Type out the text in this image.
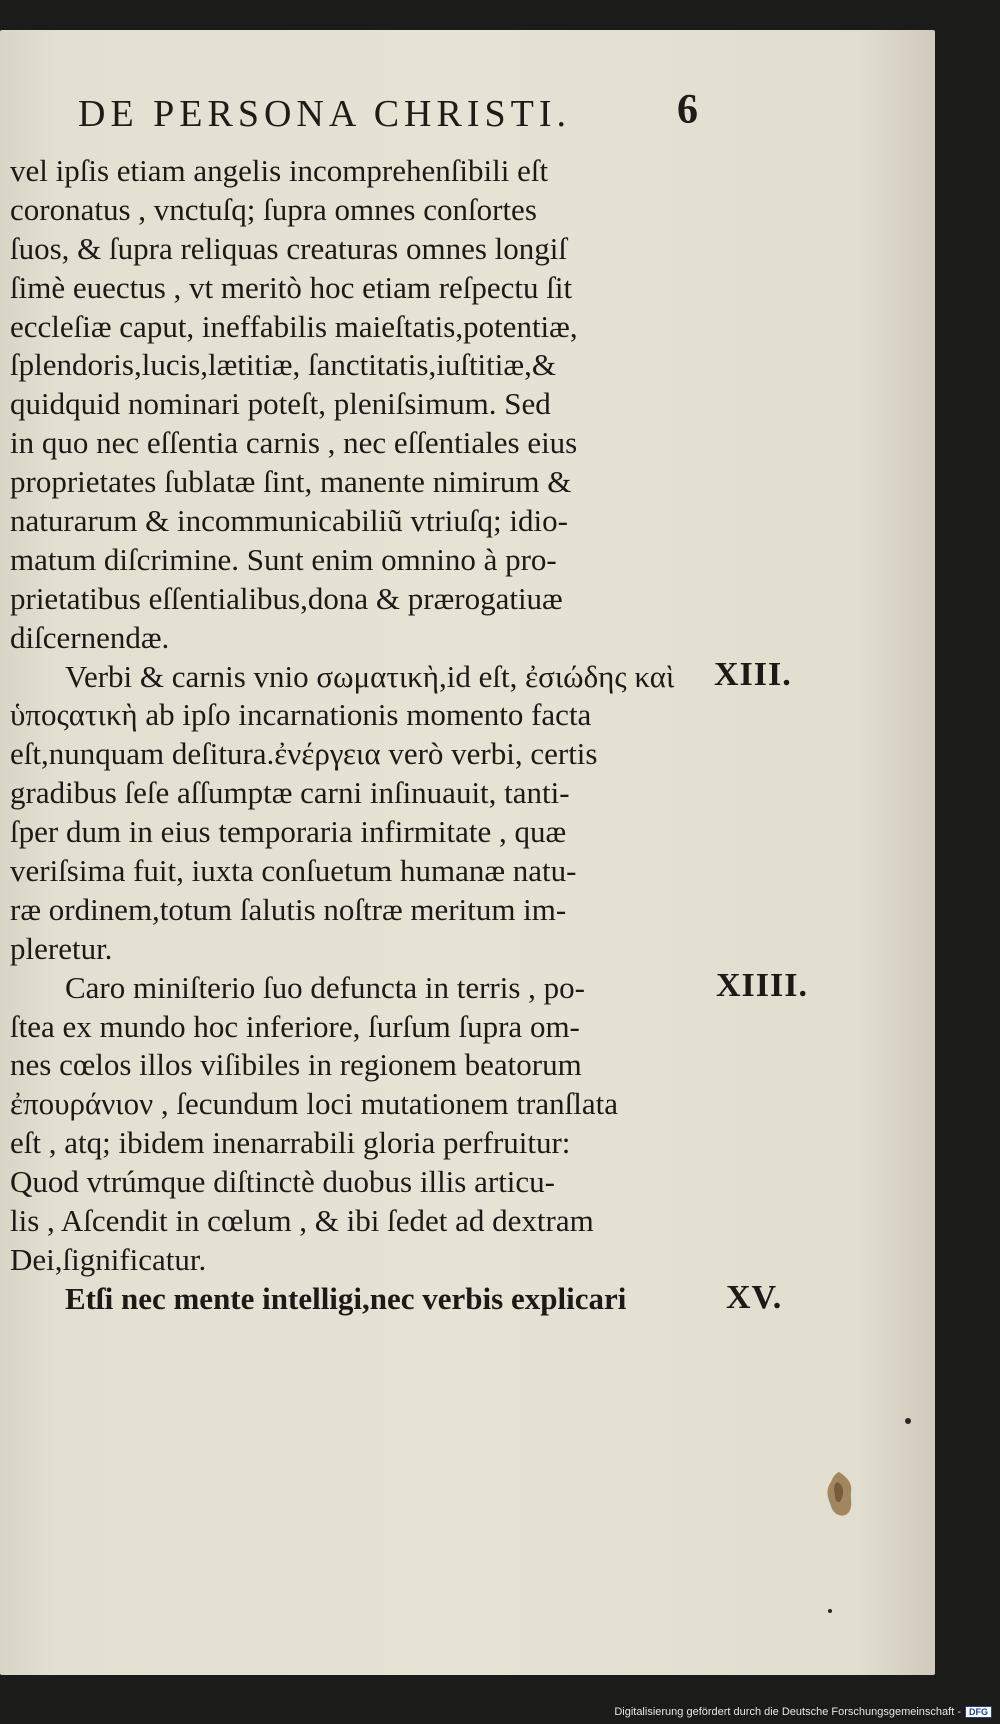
DE PERSONA CHRISTI.	6
vel ipſis etiam angelis incomprehenſibili eſt
coronatus , vnctuſq; ſupra omnes conſortes
ſuos, & ſupra reliquas creaturas omnes longiſ
ſimè euectus , vt meritò hoc etiam reſpectu ſit
eccleſiæ caput, ineffabilis maieſtatis,potentiæ,
ſplendoris,lucis,lætitiæ, ſanctitatis,iuſtitiæ,&
quidquid nominari poteſt, pleniſsimum. Sed
in quo nec eſſentia carnis , nec eſſentiales eius
proprietates ſublatæ ſint, manente nimirum &
naturarum & incommunicabiliũ vtriuſq; idio-
matum diſcrimine. Sunt enim omnino à pro-
prietatibus eſſentialibus,dona & prærogatiuæ
diſcernendæ.
Verbi & carnis vnio σωματικὴ,id eſt, ἐσιώδης καὶ
ὑποςατικὴ ab ipſo incarnationis momento facta
eſt,nunquam deſitura.ἐνέργεια verò verbi, certis
gradibus ſeſe aſſumptæ carni inſinuauit, tanti-
ſper dum in eius temporaria infirmitate , quæ
veriſsima fuit, iuxta conſuetum humanæ natu-
ræ ordinem,totum ſalutis noſtræ meritum im-
pleretur.
Caro miniſterio ſuo defuncta in terris , po-
ſtea ex mundo hoc inferiore, ſurſum ſupra om-
nes cœlos illos viſibiles in regionem beatorum
ἐπουράνιον , ſecundum loci mutationem tranſlata
eſt , atq; ibidem inenarrabili gloria perfruitur:
Quod vtrúmque diſtinctè duobus illis articu-
lis , Aſcendit in cœlum , & ibi ſedet ad dextram
Dei,ſignificatur.
Etſi nec mente intelligi,nec verbis explicari
XIII.
XIIII.
XV.
Digitalisierung gefördert durch die Deutsche Forschungsgemeinschaft - DFG
